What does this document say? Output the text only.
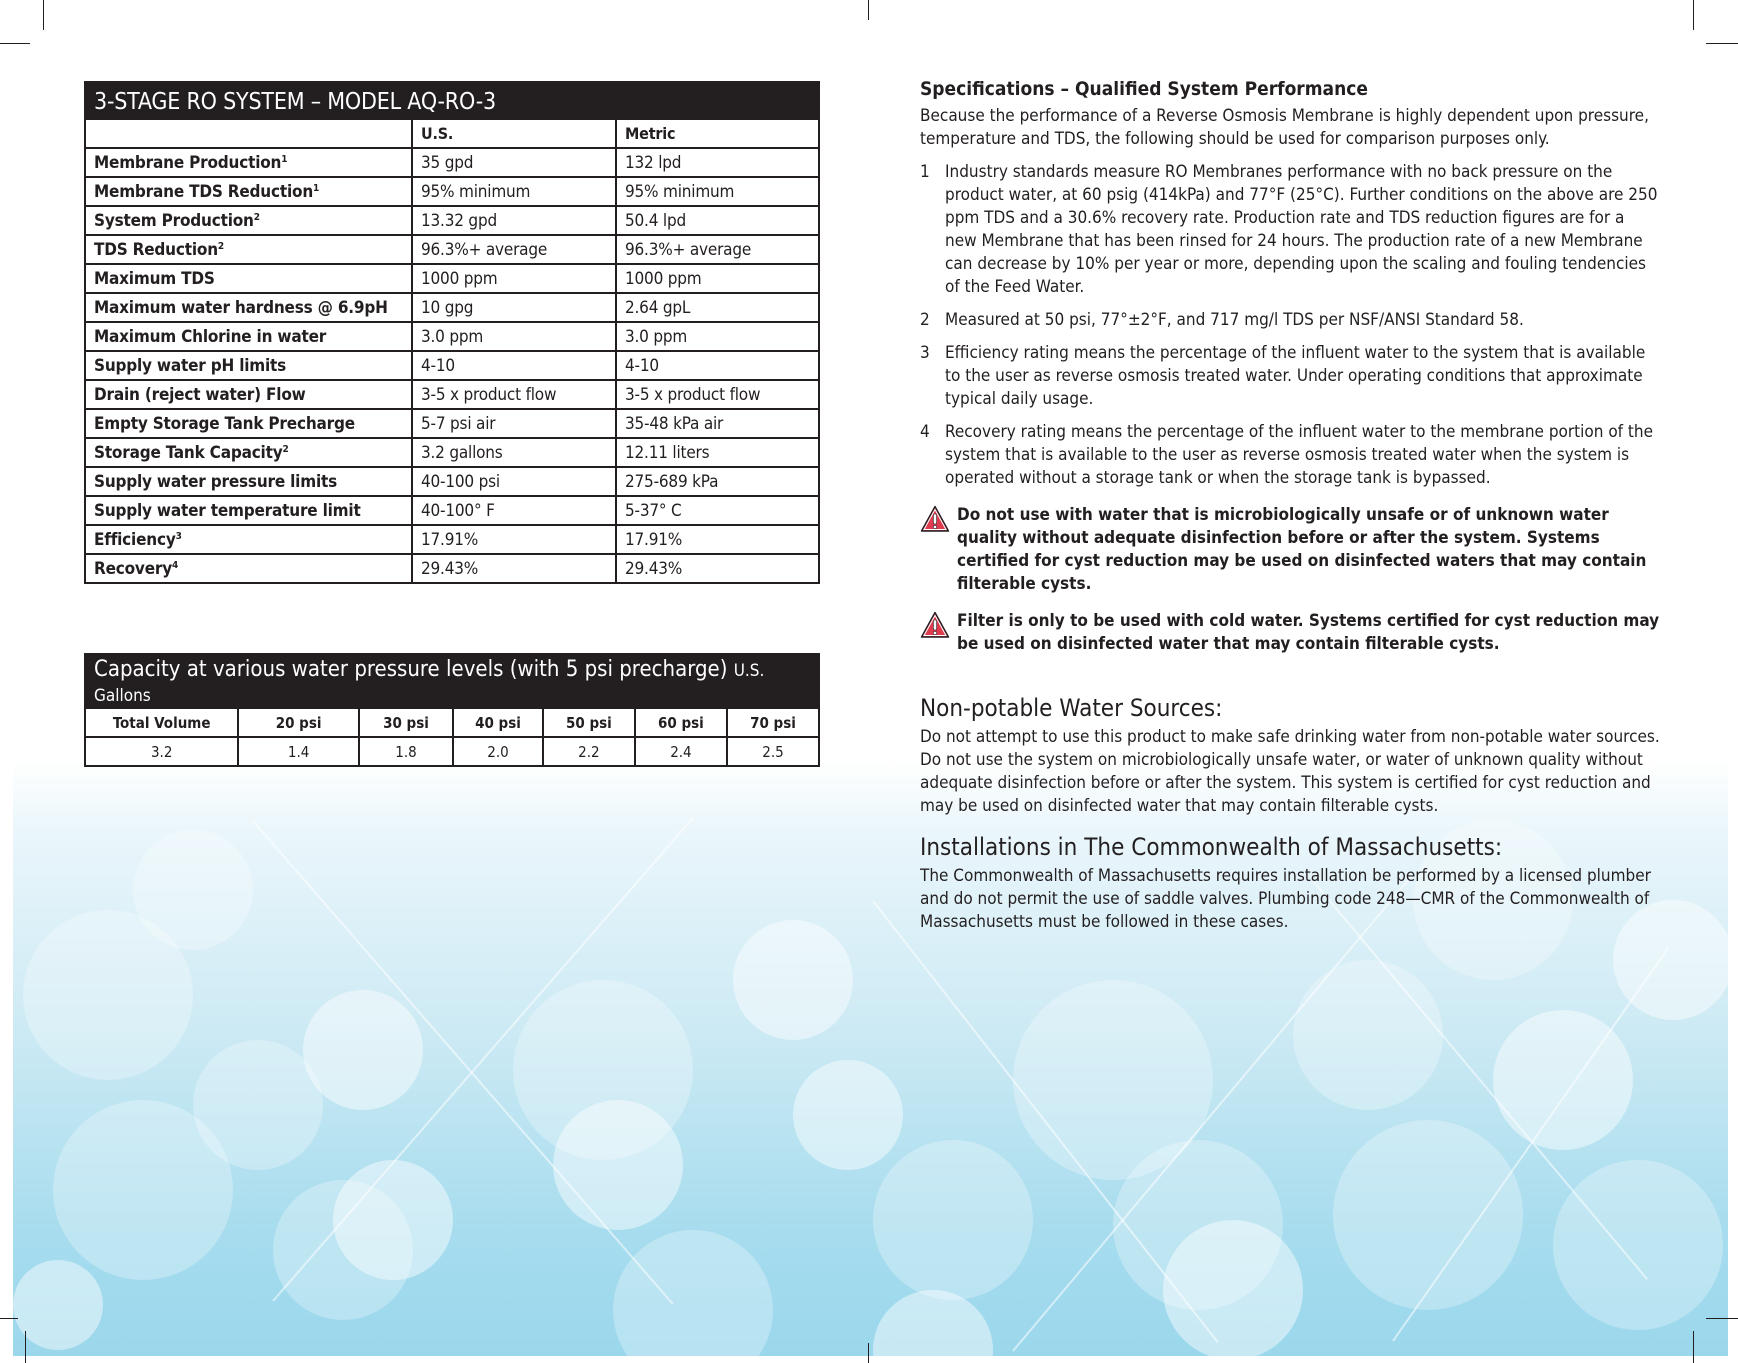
3-STAGE RO SYSTEM – MODEL AQ-RO-3		
	U.S.	Metric
Membrane Production$^1$	35 gpd	132 lpd
Membrane TDS Reduction$^1$	95% minimum	95% minimum
System Production$^2$	13.32 gpd	50.4 lpd
TDS Reduction$^2$	96.3%+ average	96.3%+ average
Maximum TDS	1000 ppm	1000 ppm
Maximum water hardness @ 6.9pH	10 gpg	2.64 gpL
Maximum Chlorine in water	3.0 ppm	3.0 ppm
Supply water pH limits	4-10	4-10
Drain (reject water) Flow	3-5 x product flow	3-5 x product flow
Empty Storage Tank Precharge	5-7 psi air	35-48 kPa air
Storage Tank Capacity$^2$	3.2 gallons	12.11 liters
Supply water pressure limits	40-100 psi	275-689 kPa
Supply water temperature limit	40-100° F	5-37° C
Efficiency$^3$	17.91%	17.91%
Recovery$^4$	29.43%	29.43%
Capacity at various water pressure levels (with 5 psi precharge) U.S. Gallons						
Total Volume	20 psi	30 psi	40 psi	50 psi	60 psi	70 psi
3.2	1.4	1.8	2.0	2.2	2.4	2.5
Specifications – Qualified System Performance

Because the performance of a Reverse Osmosis Membrane is highly dependent upon pressure, temperature and TDS, the following should be used for comparison purposes only.

1 Industry standards measure RO Membranes performance with no back pressure on the product water, at 60 psig (414kPa) and 77°F (25°C). Further conditions on the above are 250 ppm TDS and a 30.6% recovery rate. Production rate and TDS reduction figures are for a new Membrane that has been rinsed for 24 hours. The production rate of a new Membrane can decrease by 10% per year or more, depending upon the scaling and fouling tendencies of the Feed Water.
2 Measured at 50 psi, 77°±2°F, and 717 mg/l TDS per NSF/ANSI Standard 58.
3 Efficiency rating means the percentage of the influent water to the system that is available to the user as reverse osmosis treated water. Under operating conditions that approximate typical daily usage.
4 Recovery rating means the percentage of the influent water to the membrane portion of the system that is available to the user as reverse osmosis treated water when the system is operated without a storage tank or when the storage tank is bypassed.
Do not use with water that is microbiologically unsafe or of unknown water quality without adequate disinfection before or after the system. Systems certified for cyst reduction may be used on disinfected waters that may contain filterable cysts.
Filter is only to be used with cold water. Systems certified for cyst reduction may be used on disinfected water that may contain filterable cysts.
Non-potable Water Sources:

Do not attempt to use this product to make safe drinking water from non-potable water sources. Do not use the system on microbiologically unsafe water, or water of unknown quality without adequate disinfection before or after the system. This system is certified for cyst reduction and may be used on disinfected water that may contain filterable cysts.

Installations in The Commonwealth of Massachusetts:

The Commonwealth of Massachusetts requires installation be performed by a licensed plumber and do not permit the use of saddle valves. Plumbing code 248—CMR of the Commonwealth of Massachusetts must be followed in these cases.
